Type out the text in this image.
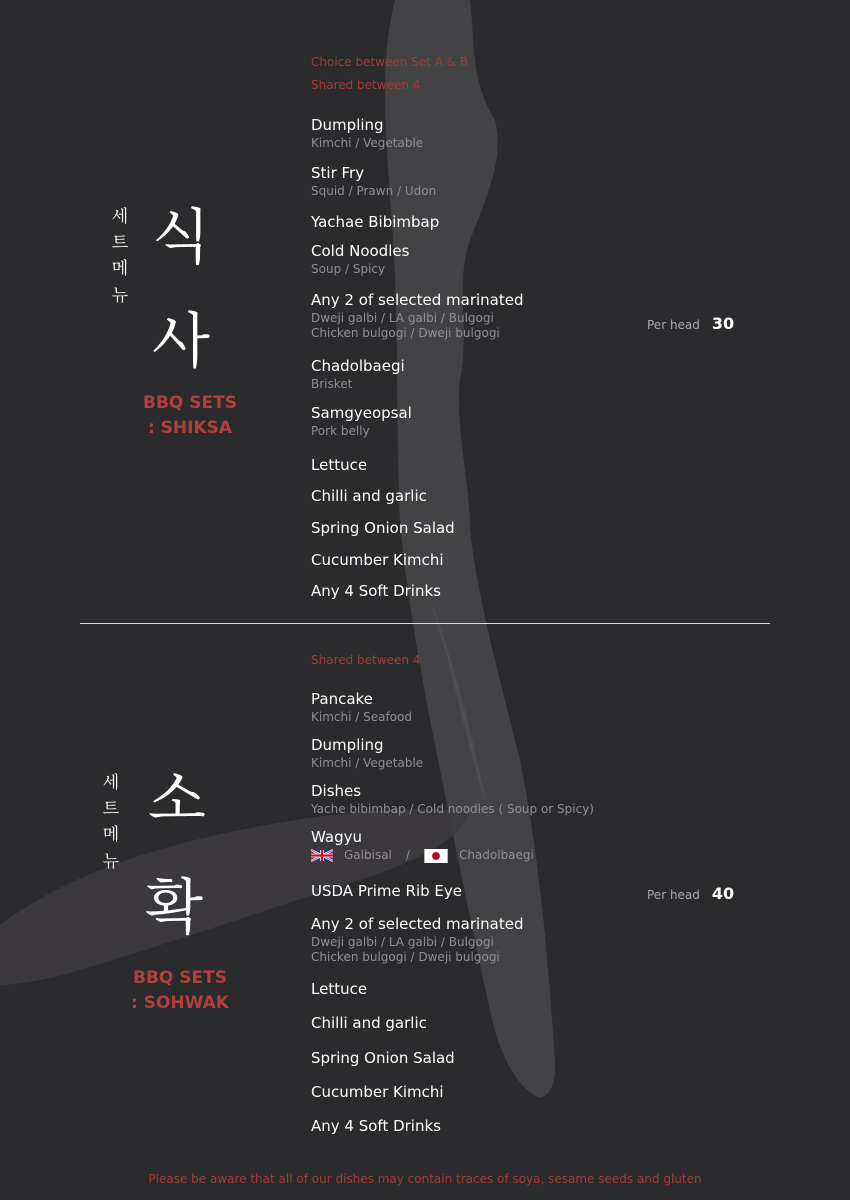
Choice between Set A & B
Shared between 4
세
트
메
뉴
식
사
BBQ SETS
: SHIKSA
Dumpling
Kimchi / Vegetable
Stir Fry
Squid / Prawn / Udon
Yachae Bibimbap
Cold Noodles
Soup / Spicy
Any 2 of selected marinated
Dweji galbi / LA galbi / Bulgogi
Chicken bulgogi / Dweji bulgogi
Chadolbaegi
Brisket
Samgyeopsal
Pork belly
Lettuce
Chilli and garlic
Spring Onion Salad
Cucumber Kimchi
Any 4 Soft Drinks
Per head 30
Shared between 4
세
트
메
뉴
소
확
BBQ SETS
: SOHWAK
Pancake
Kimchi / Seafood
Dumpling
Kimchi / Vegetable
Dishes
Yache bibimbap / Cold noodles ( Soup or Spicy)
Wagyu
Galbisal /	Chadolbaegi
USDA Prime Rib Eye
Any 2 of selected marinated
Dweji galbi / LA galbi / Bulgogi
Chicken bulgogi / Dweji bulgogi
Lettuce
Chilli and garlic
Spring Onion Salad
Cucumber Kimchi
Any 4 Soft Drinks
Per head 40
Please be aware that all of our dishes may contain traces of soya, sesame seeds and gluten
